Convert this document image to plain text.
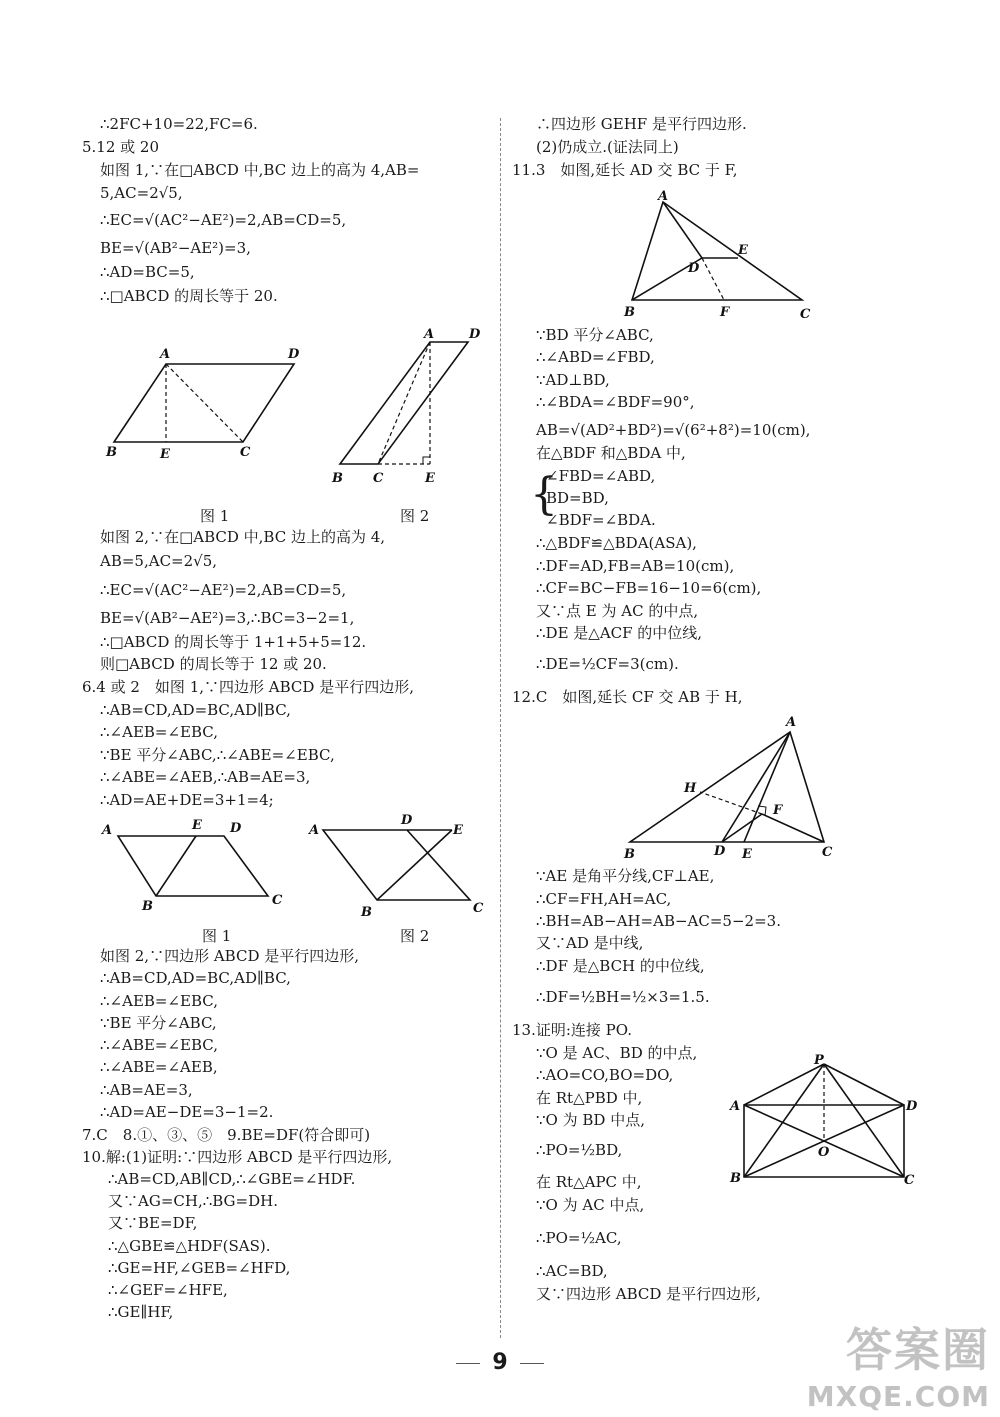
∴2FC+10=22,FC=6.
5.12 或 20
如图 1,∵在□ABCD 中,BC 边上的高为 4,AB=
5,AC=2√5,
∴EC=√(AC²−AE²)=2,AB=CD=5,
BE=√(AB²−AE²)=3,
∴AD=BC=5,
∴□ABCD 的周长等于 20.
A	D
B	E	C
图 1
A	D
B C	E
图 2
如图 2,∵在□ABCD 中,BC 边上的高为 4,
AB=5,AC=2√5,
∴EC=√(AC²−AE²)=2,AB=CD=5,
BE=√(AB²−AE²)=3,∴BC=3−2=1,
∴□ABCD 的周长等于 1+1+5+5=12.
则□ABCD 的周长等于 12 或 20.
6.4 或 2　如图 1,∵四边形 ABCD 是平行四边形,
∴AB=CD,AD=BC,AD∥BC,
∴∠AEB=∠EBC,
∵BE 平分∠ABC,∴∠ABE=∠EBC,
∴∠ABE=∠AEB,∴AB=AE=3,
∴AD=AE+DE=3+1=4;
A	E D
B	C
图 1
A
D
E
B	C
图 2
如图 2,∵四边形 ABCD 是平行四边形,
∴AB=CD,AD=BC,AD∥BC,
∴∠AEB=∠EBC,
∵BE 平分∠ABC,
∴∠ABE=∠EBC,
∴∠ABE=∠AEB,
∴AB=AE=3,
∴AD=AE−DE=3−1=2.
7.C　8.①、③、⑤　9.BE=DF(符合即可)
10.解:(1)证明:∵四边形 ABCD 是平行四边形,
∴AB=CD,AB∥CD,∴∠GBE=∠HDF.
又∵AG=CH,∴BG=DH.
又∵BE=DF,
∴△GBE≌△HDF(SAS).
∴GE=HF,∠GEB=∠HFD,
∴∠GEF=∠HFE,
∴GE∥HF,
∴四边形 GEHF 是平行四边形.
(2)仍成立.(证法同上)
11.3　如图,延长 AD 交 BC 于 F,
A
E
D
B	F	C
∵BD 平分∠ABC,
∴∠ABD=∠FBD,
∵AD⊥BD,
∴∠BDA=∠BDF=90°,
AB=√(AD²+BD²)=√(6²+8²)=10(cm),
在△BDF 和△BDA 中,
{
∠FBD=∠ABD,
BD=BD,
∠BDF=∠BDA.
∴△BDF≌△BDA(ASA),
∴DF=AD,FB=AB=10(cm),
∴CF=BC−FB=16−10=6(cm),
又∵点 E 为 AC 的中点,
∴DE 是△ACF 的中位线,
∴DE=½CF=3(cm).
12.C　如图,延长 CF 交 AB 于 H,
A
H
F
B	D E	C
∵AE 是角平分线,CF⊥AE,
∴CF=FH,AH=AC,
∴BH=AB−AH=AB−AC=5−2=3.
又∵AD 是中线,
∴DF 是△BCH 的中位线,
∴DF=½BH=½×3=1.5.
13.证明:连接 PO.
∵O 是 AC、BD 的中点,
∴AO=CO,BO=DO,
在 Rt△PBD 中,
∵O 为 BD 中点,
∴PO=½BD,
在 Rt△APC 中,
∵O 为 AC 中点,
∴PO=½AC,
∴AC=BD,
又∵四边形 ABCD 是平行四边形,
P
A	D
O
B	C
9	答案圈
MXQE.COM
